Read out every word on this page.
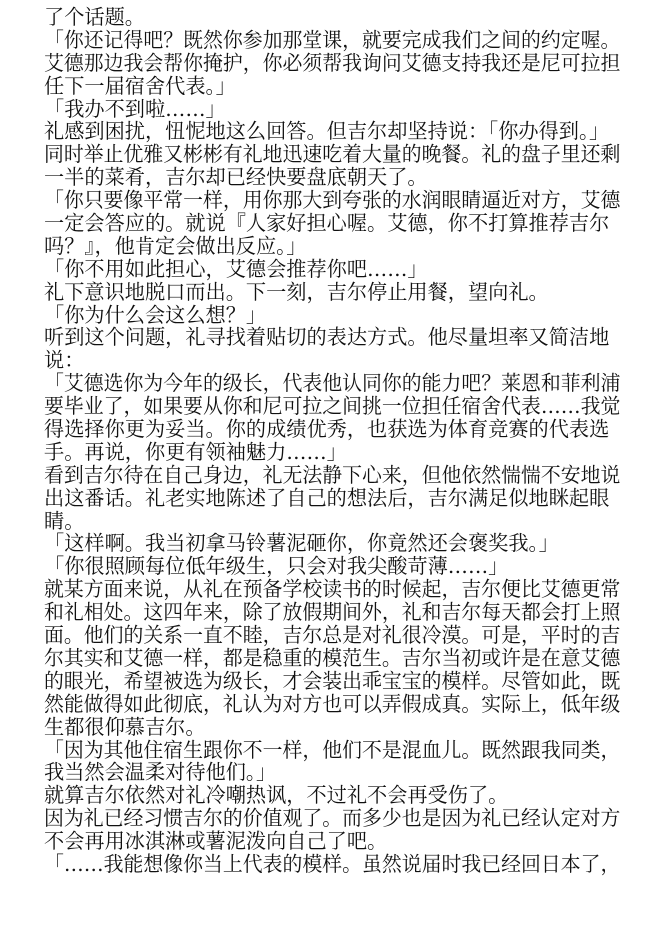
了个话题。
「你还记得吧？既然你参加那堂课，就要完成我们之间的约定喔。
艾德那边我会帮你掩护，你必须帮我询问艾德支持我还是尼可拉担
任下一届宿舍代表。」
「我办不到啦……」
礼感到困扰，忸怩地这么回答。但吉尔却坚持说：「你办得到。」
同时举止优雅又彬彬有礼地迅速吃着大量的晚餐。礼的盘子里还剩
一半的菜肴，吉尔却已经快要盘底朝天了。
「你只要像平常一样，用你那大到夸张的水润眼睛逼近对方，艾德
一定会答应的。就说『人家好担心喔。艾德，你不打算推荐吉尔
吗？』，他肯定会做出反应。」
「你不用如此担心，艾德会推荐你吧……」
礼下意识地脱口而出。下一刻，吉尔停止用餐，望向礼。
「你为什么会这么想？」
听到这个问题，礼寻找着贴切的表达方式。他尽量坦率又简洁地
说：
「艾德选你为今年的级长，代表他认同你的能力吧？莱恩和菲利浦
要毕业了，如果要从你和尼可拉之间挑一位担任宿舍代表……我觉
得选择你更为妥当。你的成绩优秀，也获选为体育竞赛的代表选
手。再说，你更有领袖魅力……」
看到吉尔待在自己身边，礼无法静下心来，但他依然惴惴不安地说
出这番话。礼老实地陈述了自己的想法后，吉尔满足似地眯起眼
睛。
「这样啊。我当初拿马铃薯泥砸你，你竟然还会褒奖我。」
「你很照顾每位低年级生，只会对我尖酸苛薄……」
就某方面来说，从礼在预备学校读书的时候起，吉尔便比艾德更常
和礼相处。这四年来，除了放假期间外，礼和吉尔每天都会打上照
面。他们的关系一直不睦，吉尔总是对礼很冷漠。可是，平时的吉
尔其实和艾德一样，都是稳重的模范生。吉尔当初或许是在意艾德
的眼光，希望被选为级长，才会装出乖宝宝的模样。尽管如此，既
然能做得如此彻底，礼认为对方也可以弄假成真。实际上，低年级
生都很仰慕吉尔。
「因为其他住宿生跟你不一样，他们不是混血儿。既然跟我同类，
我当然会温柔对待他们。」
就算吉尔依然对礼冷嘲热讽，不过礼不会再受伤了。
因为礼已经习惯吉尔的价值观了。而多少也是因为礼已经认定对方
不会再用冰淇淋或薯泥泼向自己了吧。
「……我能想像你当上代表的模样。虽然说届时我已经回日本了，
